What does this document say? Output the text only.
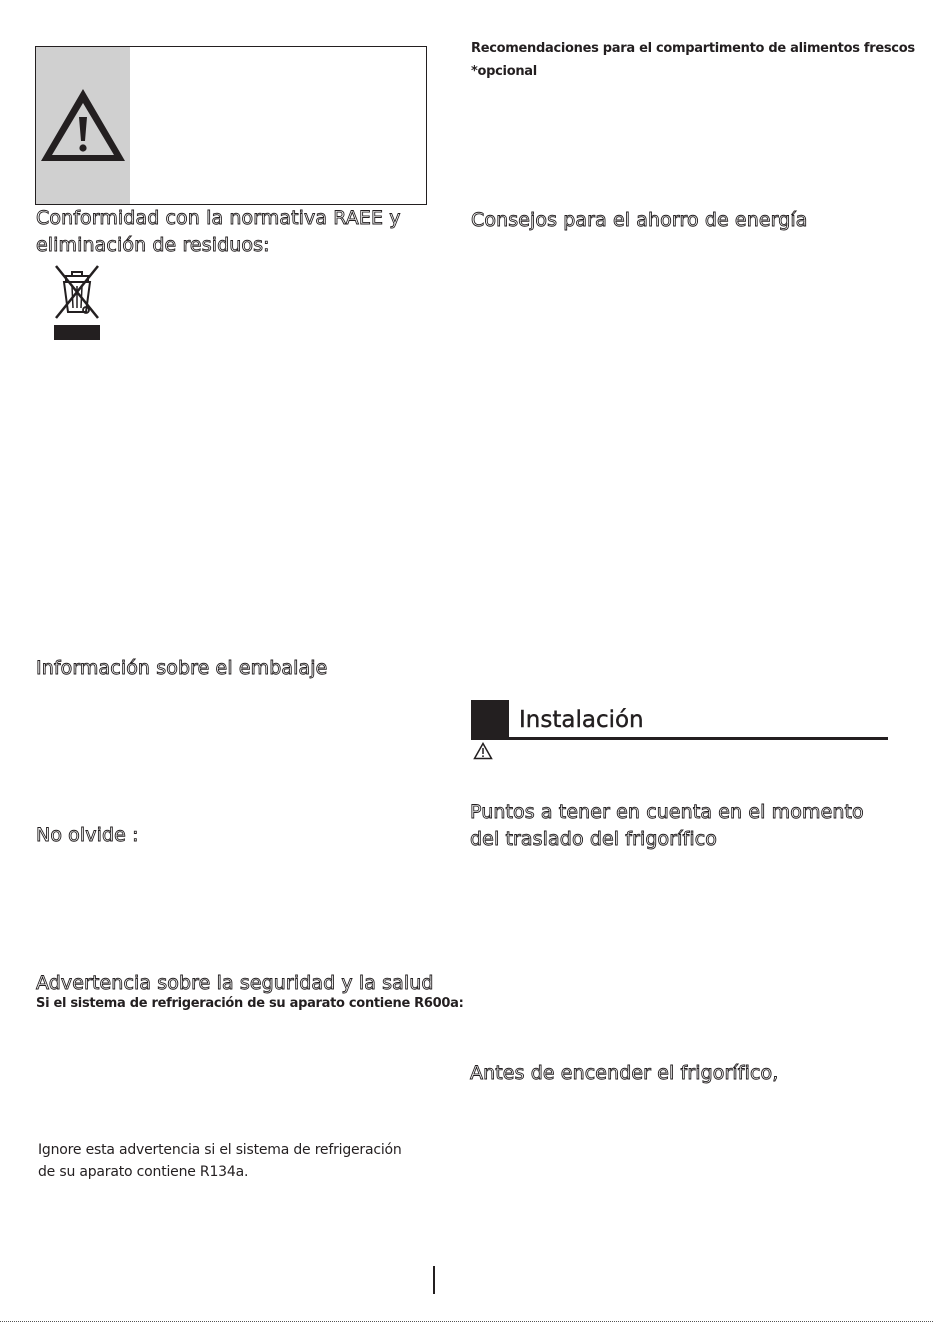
Conformidad con la normativa RAEE y
eliminación de residuos:
Información sobre el embalaje
No olvide :
Advertencia sobre la seguridad y la salud
Si el sistema de refrigeración de su aparato contiene R600a:
Ignore esta advertencia si el sistema de refrigeración
de su aparato contiene R134a.
Recomendaciones para el compartimento de alimentos frescos
*opcional
Consejos para el ahorro de energía
Instalación
Puntos a tener en cuenta en el momento
del traslado del frigorífico
Antes de encender el frigorífico,
